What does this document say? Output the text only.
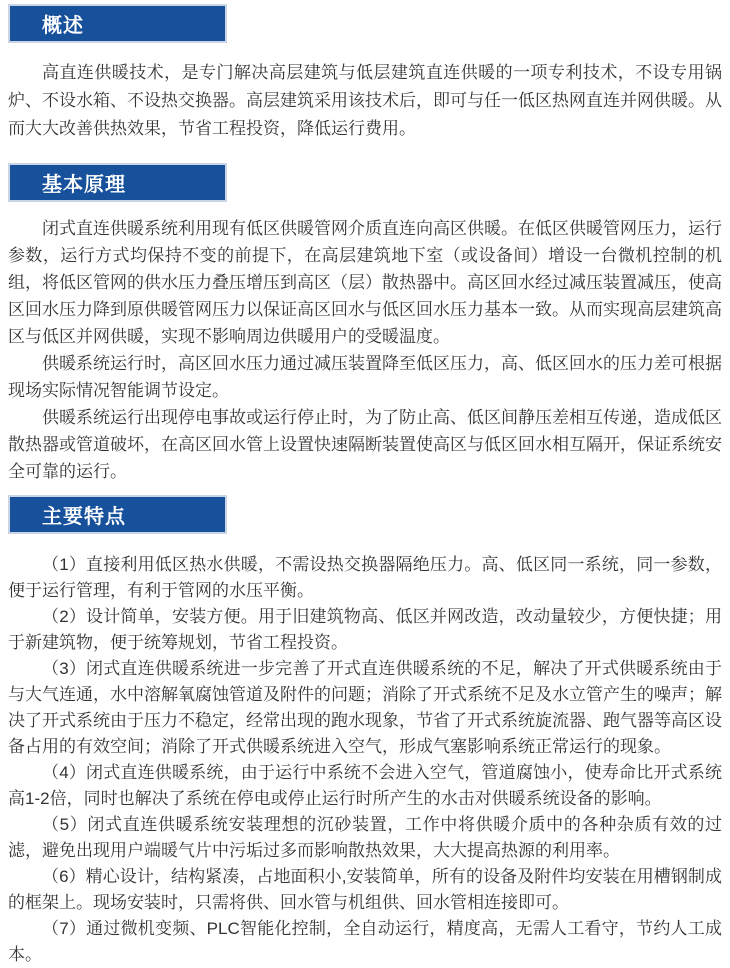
概述

高直连供暖技术，是专门解决高层建筑与低层建筑直连供暖的一项专利技术，不设专用锅炉、不设水箱、不设热交换器。高层建筑采用该技术后，即可与任一低区热网直连并网供暖。从而大大改善供热效果，节省工程投资，降低运行费用。

基本原理

闭式直连供暖系统利用现有低区供暖管网介质直连向高区供暖。在低区供暖管网压力，运行参数，运行方式均保持不变的前提下，在高层建筑地下室（或设备间）增设一台微机控制的机组，将低区管网的供水压力叠压增压到高区（层）散热器中。高区回水经过减压装置减压，使高区回水压力降到原供暖管网压力以保证高区回水与低区回水压力基本一致。从而实现高层建筑高区与低区并网供暖，实现不影响周边供暖用户的受暖温度。

供暖系统运行时，高区回水压力通过减压装置降至低区压力，高、低区回水的压力差可根据现场实际情况智能调节设定。

供暖系统运行出现停电事故或运行停止时，为了防止高、低区间静压差相互传递，造成低区散热器或管道破坏，在高区回水管上设置快速隔断装置使高区与低区回水相互隔开，保证系统安全可靠的运行。

主要特点

（1）直接利用低区热水供暖，不需设热交换器隔绝压力。高、低区同一系统，同一参数，便于运行管理，有利于管网的水压平衡。

（2）设计简单，安装方便。用于旧建筑物高、低区并网改造，改动量较少，方便快捷；用于新建筑物，便于统筹规划，节省工程投资。

（3）闭式直连供暖系统进一步完善了开式直连供暖系统的不足，解决了开式供暖系统由于与大气连通，水中溶解氧腐蚀管道及附件的问题；消除了开式系统不足及水立管产生的噪声；解决了开式系统由于压力不稳定，经常出现的跑水现象，节省了开式系统旋流器、跑气器等高区设备占用的有效空间；消除了开式供暖系统进入空气，形成气塞影响系统正常运行的现象。

（4）闭式直连供暖系统，由于运行中系统不会进入空气，管道腐蚀小，使寿命比开式系统高1-2倍，同时也解决了系统在停电或停止运行时所产生的水击对供暖系统设备的影响。

（5）闭式直连供暖系统安装理想的沉砂装置，工作中将供暖介质中的各种杂质有效的过滤，避免出现用户端暖气片中污垢过多而影响散热效果，大大提高热源的利用率。

（6）精心设计，结构紧凑，占地面积小,安装简单，所有的设备及附件均安装在用槽钢制成的框架上。现场安装时，只需将供、回水管与机组供、回水管相连接即可。

（7）通过微机变频、PLC智能化控制，全自动运行，精度高，无需人工看守，节约人工成本。
